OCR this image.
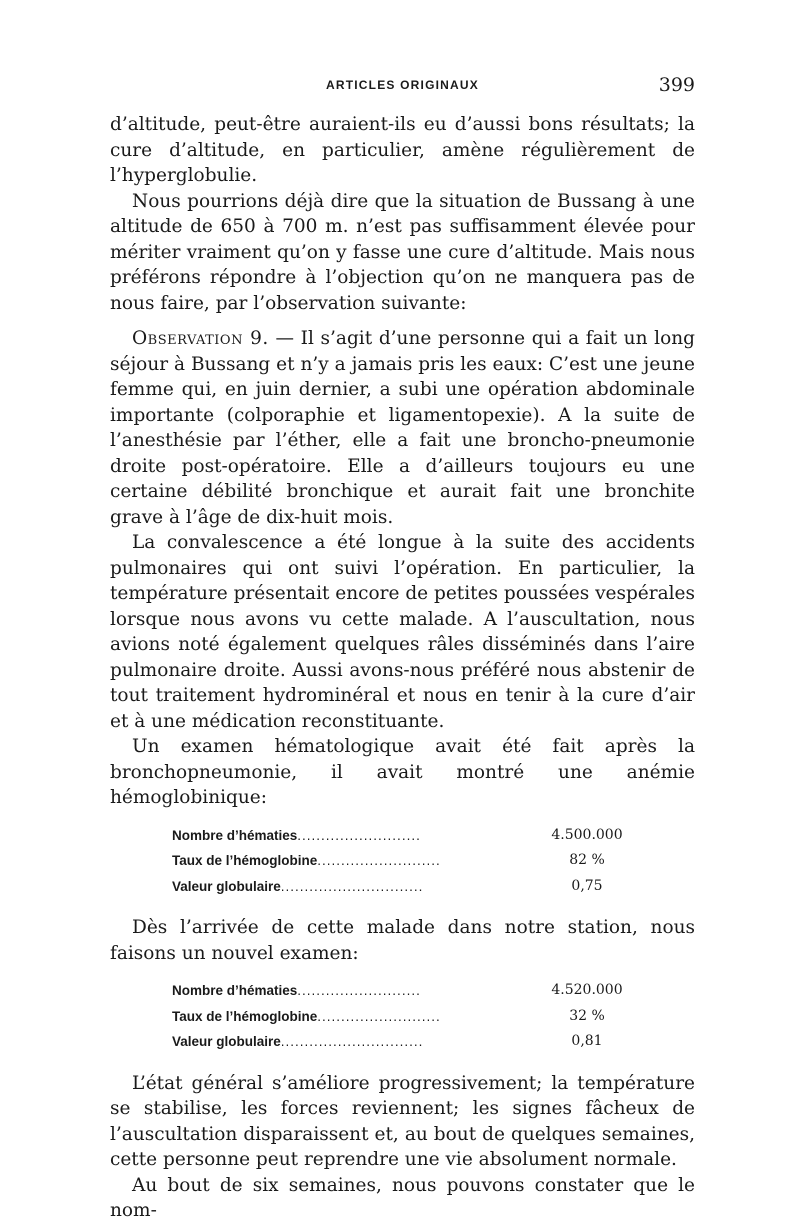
ARTICLES ORIGINAUX	399

d’altitude, peut-être auraient-ils eu d’aussi bons résultats; la cure d’altitude, en particulier, amène régulièrement de l’hyperglobulie.

Nous pourrions déjà dire que la situation de Bussang à une altitude de 650 à 700 m. n’est pas suffisamment élevée pour mériter vraiment qu’on y fasse une cure d’altitude. Mais nous préférons répondre à l’objection qu’on ne manquera pas de nous faire, par l’observation suivante:

Observation 9. — Il s’agit d’une personne qui a fait un long séjour à Bussang et n’y a jamais pris les eaux: C’est une jeune femme qui, en juin dernier, a subi une opération abdominale importante (colporaphie et ligamentopexie). A la suite de l’anesthésie par l’éther, elle a fait une broncho-pneumonie droite post-opératoire. Elle a d’ailleurs toujours eu une certaine débilité bronchique et aurait fait une bronchite grave à l’âge de dix-huit mois.

La convalescence a été longue à la suite des accidents pulmonaires qui ont suivi l’opération. En particulier, la température présentait encore de petites poussées vespérales lorsque nous avons vu cette malade. A l’auscultation, nous avions noté également quelques râles disséminés dans l’aire pulmonaire droite. Aussi avons-nous préféré nous abstenir de tout traitement hydrominéral et nous en tenir à la cure d’air et à une médication reconstituante.

Un examen hématologique avait été fait après la bronchopneumonie, il avait montré une anémie hémoglobinique:

Nombre d’hématies..........................	4.500.000
Taux de l’hémoglobine..........................	82 %
Valeur globulaire..............................	0,75

Dès l’arrivée de cette malade dans notre station, nous faisons un nouvel examen:

Nombre d’hématies..........................	4.520.000
Taux de l’hémoglobine..........................	32 %
Valeur globulaire..............................	0,81

L’état général s’améliore progressivement; la température se stabilise, les forces reviennent; les signes fâcheux de l’auscultation disparaissent et, au bout de quelques semaines, cette personne peut reprendre une vie absolument normale.

Au bout de six semaines, nous pouvons constater que le nom-
